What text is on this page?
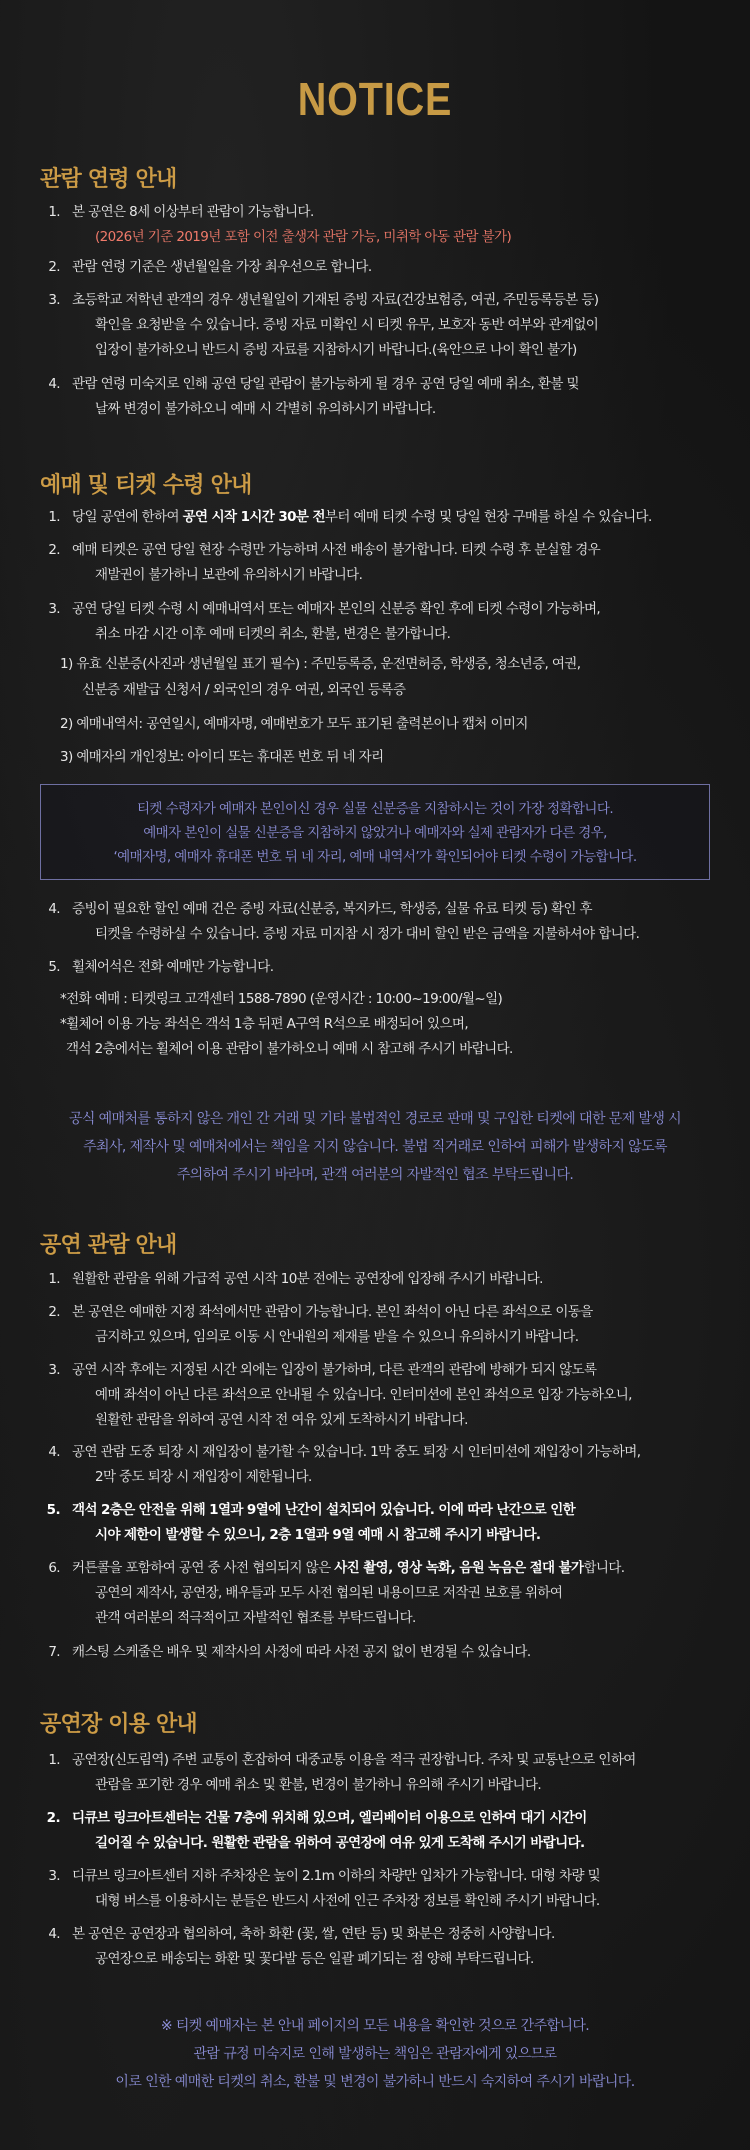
NOTICE
관람 연령 안내
1. 본 공연은 8세 이상부터 관람이 가능합니다.
(2026년 기준 2019년 포함 이전 출생자 관람 가능, 미취학 아동 관람 불가)
2. 관람 연령 기준은 생년월일을 가장 최우선으로 합니다.
3. 초등학교 저학년 관객의 경우 생년월일이 기재된 증빙 자료(건강보험증, 여권, 주민등록등본 등)
확인을 요청받을 수 있습니다. 증빙 자료 미확인 시 티켓 유무, 보호자 동반 여부와 관계없이
입장이 불가하오니 반드시 증빙 자료를 지참하시기 바랍니다.(육안으로 나이 확인 불가)
4. 관람 연령 미숙지로 인해 공연 당일 관람이 불가능하게 될 경우 공연 당일 예매 취소, 환불 및
날짜 변경이 불가하오니 예매 시 각별히 유의하시기 바랍니다.
예매 및 티켓 수령 안내
1. 당일 공연에 한하여 공연 시작 1시간 30분 전부터 예매 티켓 수령 및 당일 현장 구매를 하실 수 있습니다.
2. 예매 티켓은 공연 당일 현장 수령만 가능하며 사전 배송이 불가합니다. 티켓 수령 후 분실할 경우
재발권이 불가하니 보관에 유의하시기 바랍니다.
3. 공연 당일 티켓 수령 시 예매내역서 또는 예매자 본인의 신분증 확인 후에 티켓 수령이 가능하며,
취소 마감 시간 이후 예매 티켓의 취소, 환불, 변경은 불가합니다.
1) 유효 신분증(사진과 생년월일 표기 필수) : 주민등록증, 운전면허증, 학생증, 청소년증, 여권,
신분증 재발급 신청서 / 외국인의 경우 여권, 외국인 등록증
2) 예매내역서: 공연일시, 예매자명, 예매번호가 모두 표기된 출력본이나 캡처 이미지
3) 예매자의 개인정보: 아이디 또는 휴대폰 번호 뒤 네 자리
티켓 수령자가 예매자 본인이신 경우 실물 신분증을 지참하시는 것이 가장 정확합니다.
예매자 본인이 실물 신분증을 지참하지 않았거나 예매자와 실제 관람자가 다른 경우,
‘예매자명, 예매자 휴대폰 번호 뒤 네 자리, 예매 내역서’가 확인되어야 티켓 수령이 가능합니다.
4. 증빙이 필요한 할인 예매 건은 증빙 자료(신분증, 복지카드, 학생증, 실물 유료 티켓 등) 확인 후
티켓을 수령하실 수 있습니다. 증빙 자료 미지참 시 정가 대비 할인 받은 금액을 지불하셔야 합니다.
5. 휠체어석은 전화 예매만 가능합니다.
*전화 예매 : 티켓링크 고객센터 1588-7890 (운영시간 : 10:00~19:00/월~일)
*휠체어 이용 가능 좌석은 객석 1층 뒤편 A구역 R석으로 배정되어 있으며,
객석 2층에서는 휠체어 이용 관람이 불가하오니 예매 시 참고해 주시기 바랍니다.
공식 예매처를 통하지 않은 개인 간 거래 및 기타 불법적인 경로로 판매 및 구입한 티켓에 대한 문제 발생 시
주최사, 제작사 및 예매처에서는 책임을 지지 않습니다. 불법 직거래로 인하여 피해가 발생하지 않도록
주의하여 주시기 바라며, 관객 여러분의 자발적인 협조 부탁드립니다.
공연 관람 안내
1. 원활한 관람을 위해 가급적 공연 시작 10분 전에는 공연장에 입장해 주시기 바랍니다.
2. 본 공연은 예매한 지정 좌석에서만 관람이 가능합니다. 본인 좌석이 아닌 다른 좌석으로 이동을
금지하고 있으며, 임의로 이동 시 안내원의 제재를 받을 수 있으니 유의하시기 바랍니다.
3. 공연 시작 후에는 지정된 시간 외에는 입장이 불가하며, 다른 관객의 관람에 방해가 되지 않도록
예매 좌석이 아닌 다른 좌석으로 안내될 수 있습니다. 인터미션에 본인 좌석으로 입장 가능하오니,
원활한 관람을 위하여 공연 시작 전 여유 있게 도착하시기 바랍니다.
4. 공연 관람 도중 퇴장 시 재입장이 불가할 수 있습니다. 1막 중도 퇴장 시 인터미션에 재입장이 가능하며,
2막 중도 퇴장 시 재입장이 제한됩니다.
5. 객석 2층은 안전을 위해 1열과 9열에 난간이 설치되어 있습니다. 이에 따라 난간으로 인한
시야 제한이 발생할 수 있으니, 2층 1열과 9열 예매 시 참고해 주시기 바랍니다.
6. 커튼콜을 포함하여 공연 중 사전 협의되지 않은 사진 촬영, 영상 녹화, 음원 녹음은 절대 불가합니다.
공연의 제작사, 공연장, 배우들과 모두 사전 협의된 내용이므로 저작권 보호를 위하여
관객 여러분의 적극적이고 자발적인 협조를 부탁드립니다.
7. 캐스팅 스케줄은 배우 및 제작사의 사정에 따라 사전 공지 없이 변경될 수 있습니다.
공연장 이용 안내
1. 공연장(신도림역) 주변 교통이 혼잡하여 대중교통 이용을 적극 권장합니다. 주차 및 교통난으로 인하여
관람을 포기한 경우 예매 취소 및 환불, 변경이 불가하니 유의해 주시기 바랍니다.
2. 디큐브 링크아트센터는 건물 7층에 위치해 있으며, 엘리베이터 이용으로 인하여 대기 시간이
길어질 수 있습니다. 원활한 관람을 위하여 공연장에 여유 있게 도착해 주시기 바랍니다.
3. 디큐브 링크아트센터 지하 주차장은 높이 2.1m 이하의 차량만 입차가 가능합니다. 대형 차량 및
대형 버스를 이용하시는 분들은 반드시 사전에 인근 주차장 정보를 확인해 주시기 바랍니다.
4. 본 공연은 공연장과 협의하여, 축하 화환 (꽃, 쌀, 연탄 등) 및 화분은 정중히 사양합니다.
공연장으로 배송되는 화환 및 꽃다발 등은 일괄 폐기되는 점 양해 부탁드립니다.
※ 티켓 예매자는 본 안내 페이지의 모든 내용을 확인한 것으로 간주합니다.
관람 규정 미숙지로 인해 발생하는 책임은 관람자에게 있으므로
이로 인한 예매한 티켓의 취소, 환불 및 변경이 불가하니 반드시 숙지하여 주시기 바랍니다.
